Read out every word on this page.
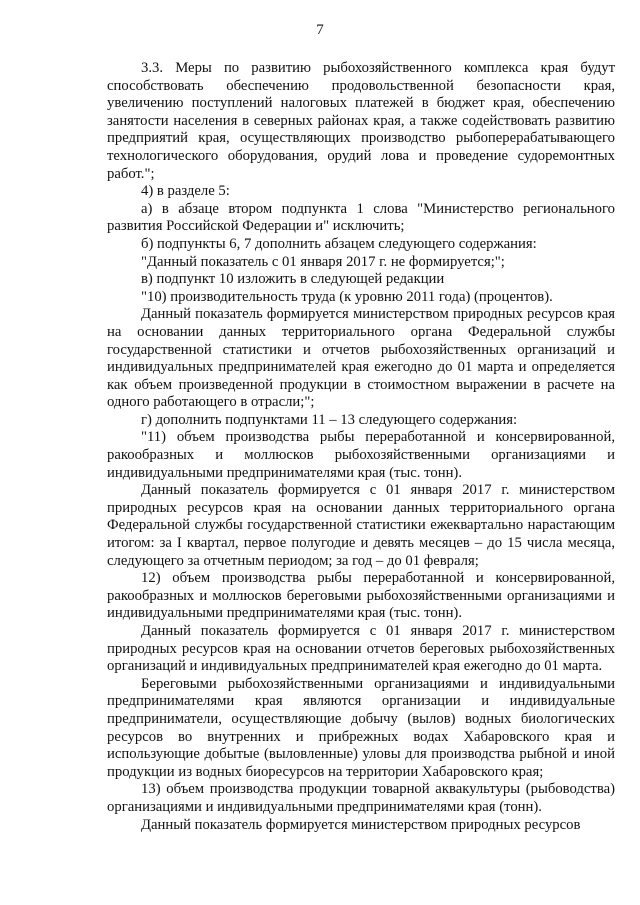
7

3.3. Меры по развитию рыбохозяйственного комплекса края будут способствовать обеспечению продовольственной безопасности края, увеличению поступлений налоговых платежей в бюджет края, обеспечению занятости населения в северных районах края, а также содействовать развитию предприятий края, осуществляющих производство рыбоперерабатывающего технологического оборудования, орудий лова и проведение судоремонтных работ.";

4) в разделе 5:

а) в абзаце втором подпункта 1 слова "Министерство регионального развития Российской Федерации и" исключить;

б) подпункты 6, 7 дополнить абзацем следующего содержания:

"Данный показатель с 01 января 2017 г. не формируется;";

в) подпункт 10 изложить в следующей редакции

"10) производительность труда (к уровню 2011 года) (процентов).

Данный показатель формируется министерством природных ресурсов края на основании данных территориального органа Федеральной службы государственной статистики и отчетов рыбохозяйственных организаций и индивидуальных предпринимателей края ежегодно до 01 марта и определяется как объем произведенной продукции в стоимостном выражении в расчете на одного работающего в отрасли;";

г) дополнить подпунктами 11 – 13 следующего содержания:

"11) объем производства рыбы переработанной и консервированной, ракообразных и моллюсков рыбохозяйственными организациями и индивидуальными предпринимателями края (тыс. тонн).

Данный показатель формируется с 01 января 2017 г. министерством природных ресурсов края на основании данных территориального органа Федеральной службы государственной статистики ежеквартально нарастающим итогом: за I квартал, первое полугодие и девять месяцев – до 15 числа месяца, следующего за отчетным периодом; за год – до 01 февраля;

12) объем производства рыбы переработанной и консервированной, ракообразных и моллюсков береговыми рыбохозяйственными организациями и индивидуальными предпринимателями края (тыс. тонн).

Данный показатель формируется с 01 января 2017 г. министерством природных ресурсов края на основании отчетов береговых рыбохозяйственных организаций и индивидуальных предпринимателей края ежегодно до 01 марта.

Береговыми рыбохозяйственными организациями и индивидуальными предпринимателями края являются организации и индивидуальные предприниматели, осуществляющие добычу (вылов) водных биологических ресурсов во внутренних и прибрежных водах Хабаровского края и использующие добытые (выловленные) уловы для производства рыбной и иной продукции из водных биоресурсов на территории Хабаровского края;

13) объем производства продукции товарной аквакультуры (рыбоводства) организациями и индивидуальными предпринимателями края (тонн).

Данный показатель формируется министерством природных ресурсов
